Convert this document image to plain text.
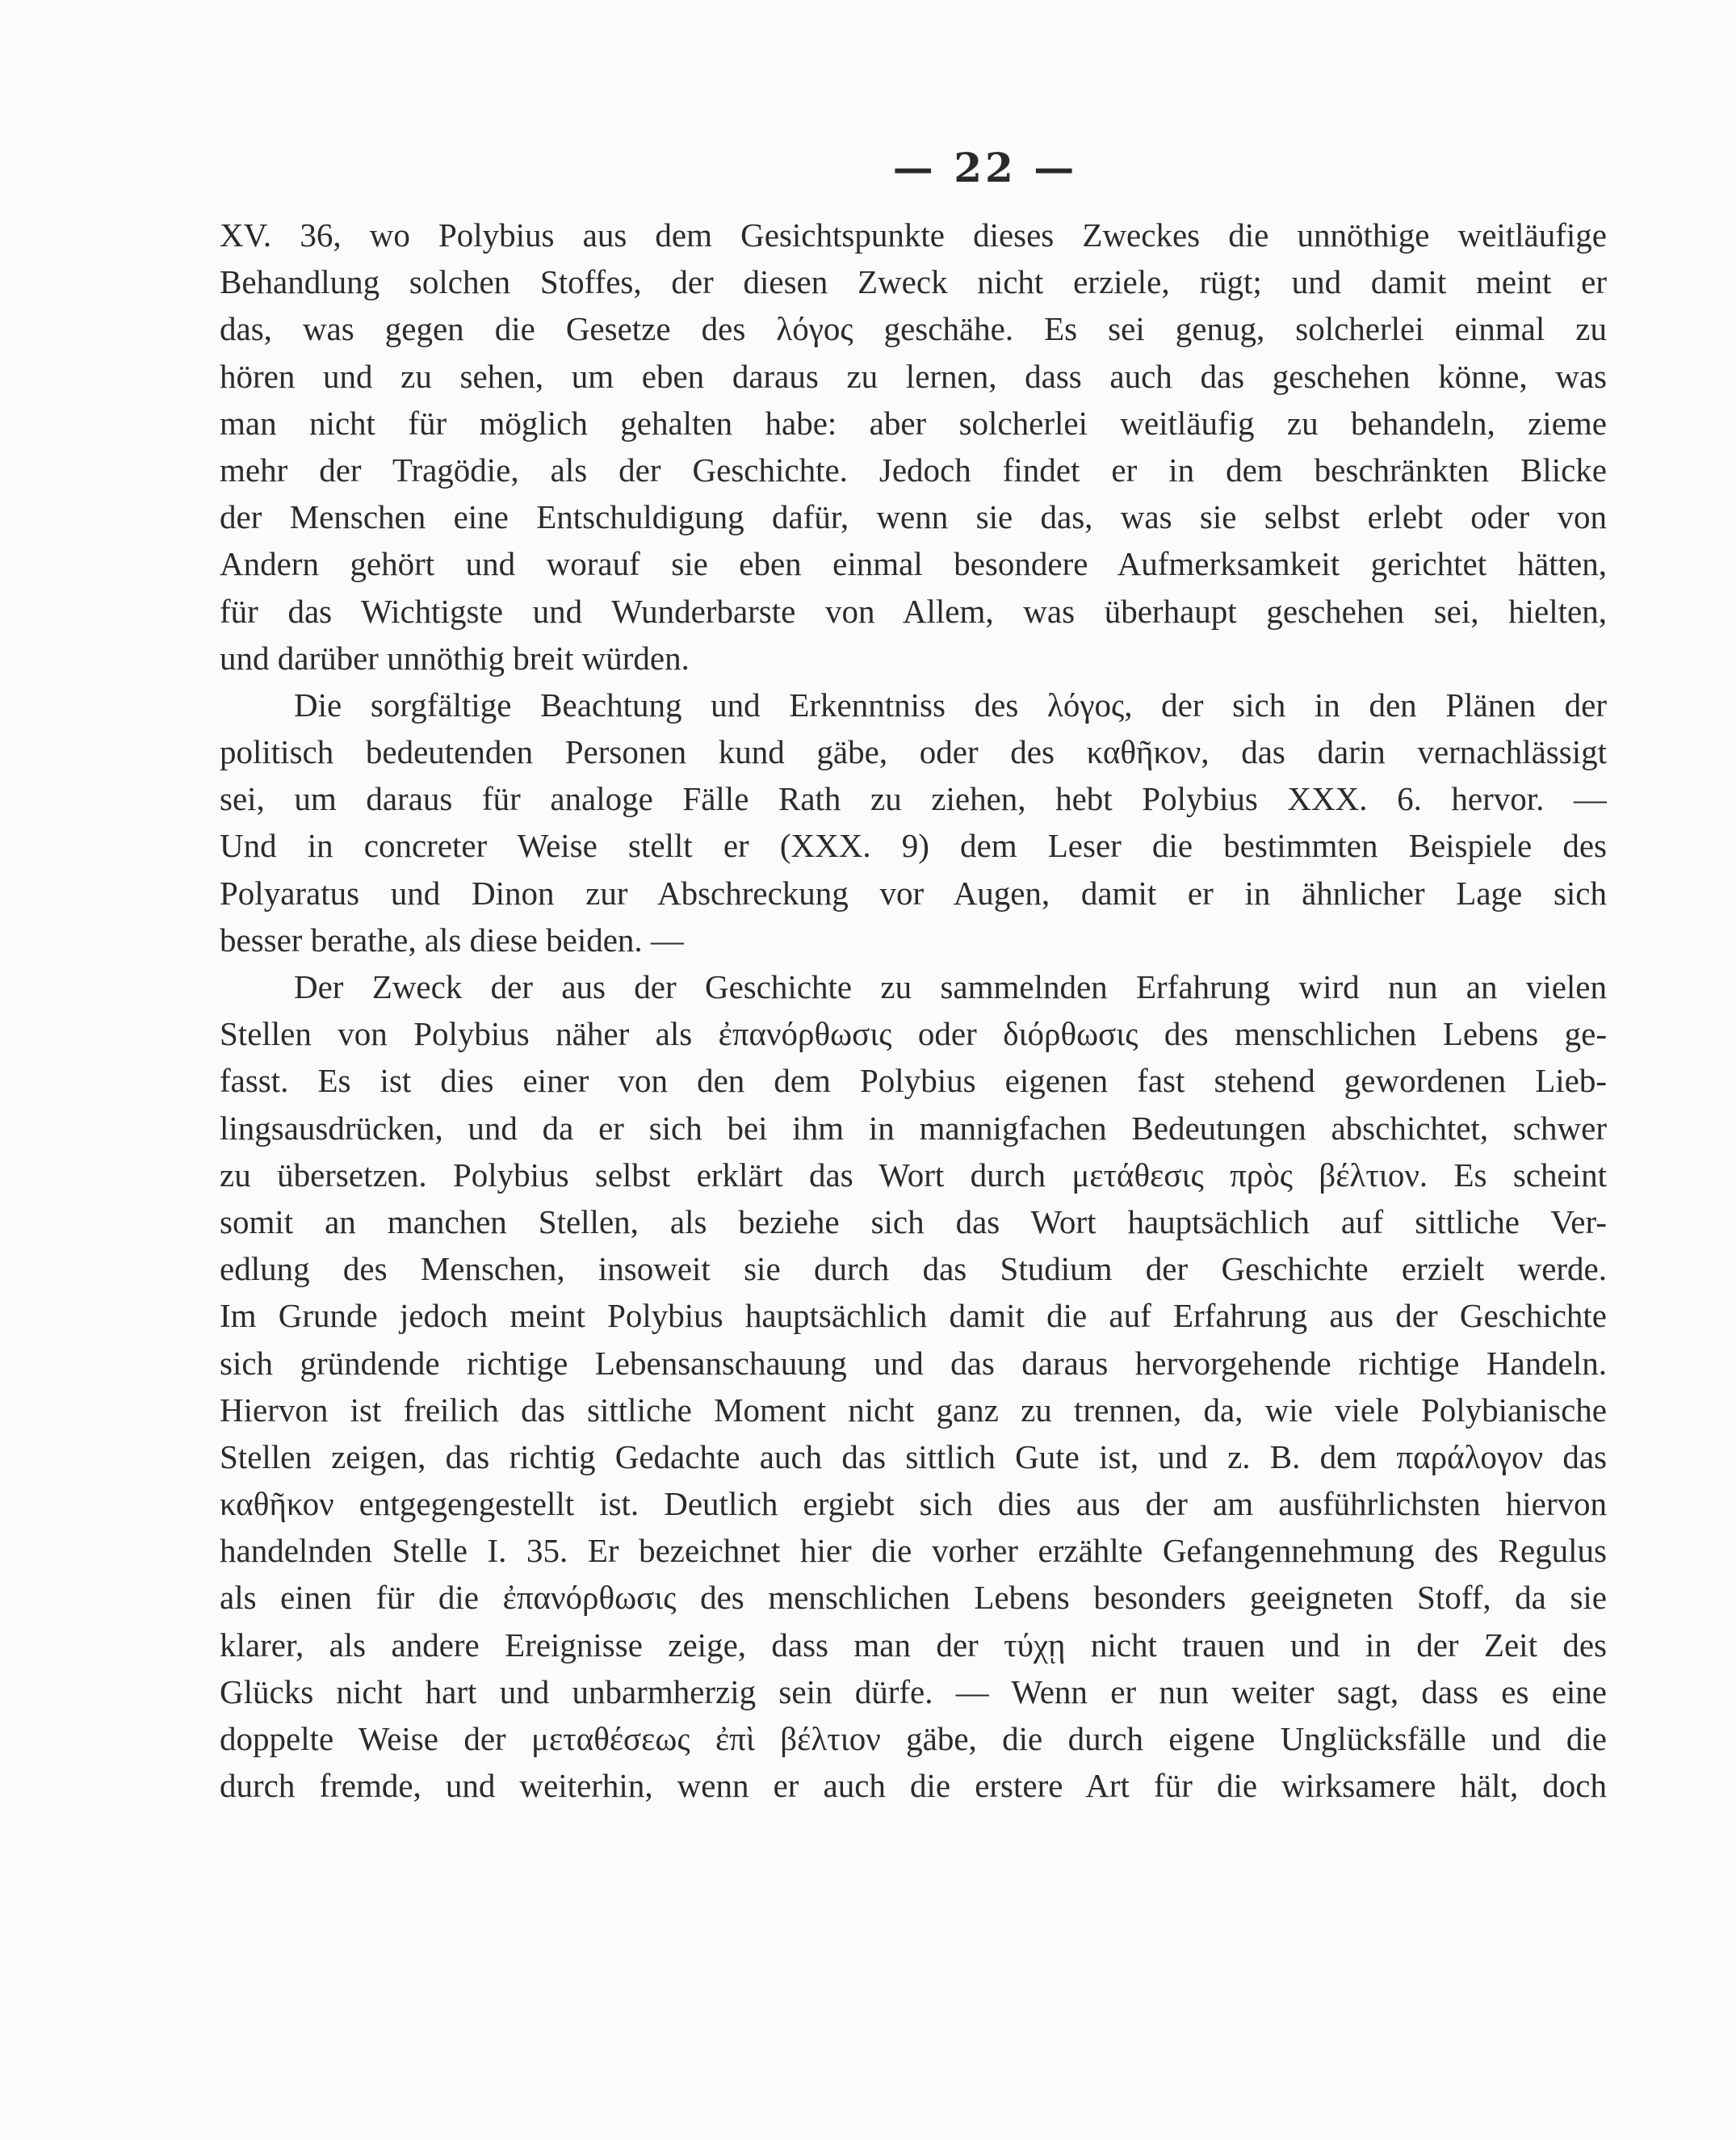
— 22 —
XV. 36, wo Polybius aus dem Gesichtspunkte dieses Zweckes die unnöthige weitläufige
Behandlung solchen Stoffes, der diesen Zweck nicht erziele, rügt; und damit meint er
das, was gegen die Gesetze des λόγος geschähe. Es sei genug, solcherlei einmal zu
hören und zu sehen, um eben daraus zu lernen, dass auch das geschehen könne, was
man nicht für möglich gehalten habe: aber solcherlei weitläufig zu behandeln, zieme
mehr der Tragödie, als der Geschichte. Jedoch findet er in dem beschränkten Blicke
der Menschen eine Entschuldigung dafür, wenn sie das, was sie selbst erlebt oder von
Andern gehört und worauf sie eben einmal besondere Aufmerksamkeit gerichtet hätten,
für das Wichtigste und Wunderbarste von Allem, was überhaupt geschehen sei, hielten,
und darüber unnöthig breit würden.
Die sorgfältige Beachtung und Erkenntniss des λόγος, der sich in den Plänen der
politisch bedeutenden Personen kund gäbe, oder des καθῆκον, das darin vernachlässigt
sei, um daraus für analoge Fälle Rath zu ziehen, hebt Polybius XXX. 6. hervor. —
Und in concreter Weise stellt er (XXX. 9) dem Leser die bestimmten Beispiele des
Polyaratus und Dinon zur Abschreckung vor Augen, damit er in ähnlicher Lage sich
besser berathe, als diese beiden. —
Der Zweck der aus der Geschichte zu sammelnden Erfahrung wird nun an vielen
Stellen von Polybius näher als ἐπανόρθωσις oder διόρθωσις des menschlichen Lebens ge-
fasst. Es ist dies einer von den dem Polybius eigenen fast stehend gewordenen Lieb-
lingsausdrücken, und da er sich bei ihm in mannigfachen Bedeutungen abschichtet, schwer
zu übersetzen. Polybius selbst erklärt das Wort durch μετάθεσις πρὸς βέλτιον. Es scheint
somit an manchen Stellen, als beziehe sich das Wort hauptsächlich auf sittliche Ver-
edlung des Menschen, insoweit sie durch das Studium der Geschichte erzielt werde.
Im Grunde jedoch meint Polybius hauptsächlich damit die auf Erfahrung aus der Geschichte
sich gründende richtige Lebensanschauung und das daraus hervorgehende richtige Handeln.
Hiervon ist freilich das sittliche Moment nicht ganz zu trennen, da, wie viele Polybianische
Stellen zeigen, das richtig Gedachte auch das sittlich Gute ist, und z. B. dem παράλογον das
καθῆκον entgegengestellt ist. Deutlich ergiebt sich dies aus der am ausführlichsten hiervon
handelnden Stelle I. 35. Er bezeichnet hier die vorher erzählte Gefangennehmung des Regulus
als einen für die ἐπανόρθωσις des menschlichen Lebens besonders geeigneten Stoff, da sie
klarer, als andere Ereignisse zeige, dass man der τύχῃ nicht trauen und in der Zeit des
Glücks nicht hart und unbarmherzig sein dürfe. — Wenn er nun weiter sagt, dass es eine
doppelte Weise der μεταθέσεως ἐπὶ βέλτιον gäbe, die durch eigene Unglücksfälle und die
durch fremde, und weiterhin, wenn er auch die erstere Art für die wirksamere hält, doch
